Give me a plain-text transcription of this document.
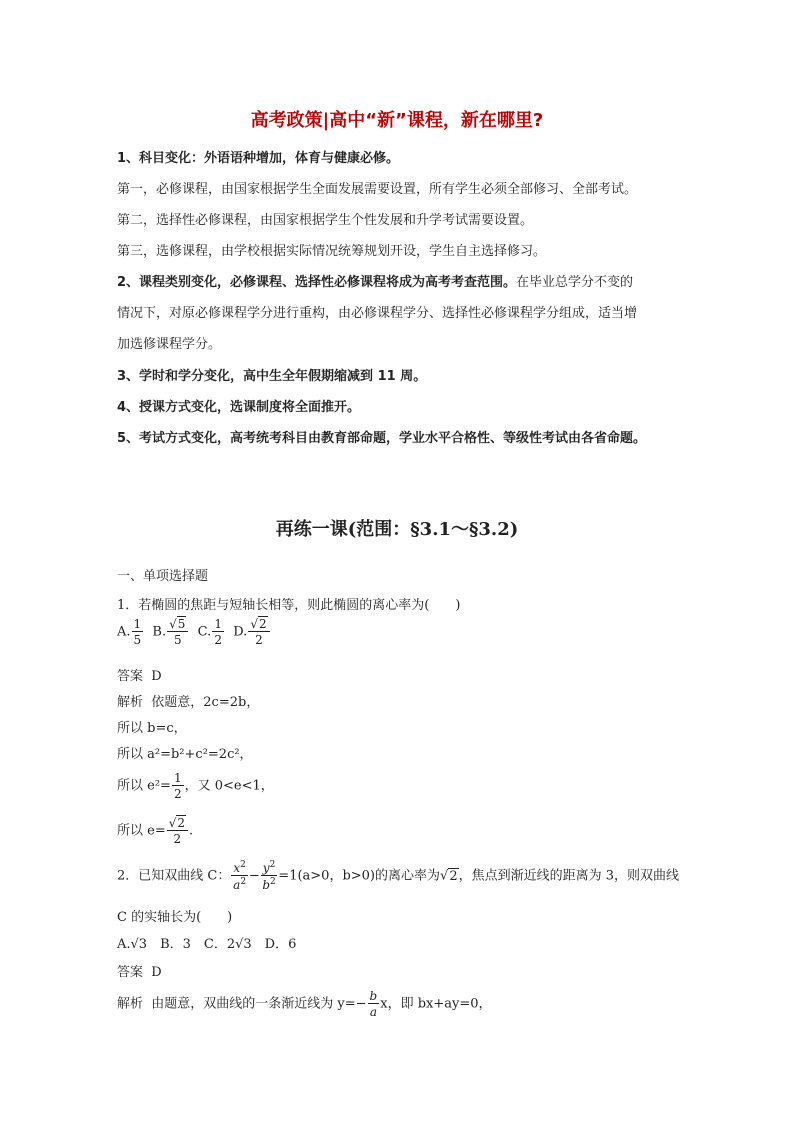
高考政策|高中“新”课程，新在哪里?
1、科目变化：外语语种增加，体育与健康必修。
第一，必修课程，由国家根据学生全面发展需要设置，所有学生必须全部修习、全部考试。
第二，选择性必修课程，由国家根据学生个性发展和升学考试需要设置。
第三，选修课程，由学校根据实际情况统筹规划开设，学生自主选择修习。
2、课程类别变化，必修课程、选择性必修课程将成为高考考查范围。在毕业总学分不变的
情况下，对原必修课程学分进行重构，由必修课程学分、选择性必修课程学分组成，适当增
加选修课程学分。
3、学时和学分变化，高中生全年假期缩减到 11 周。
4、授课方式变化，选课制度将全面推开。
5、考试方式变化，高考统考科目由教育部命题，学业水平合格性、等级性考试由各省命题。
再练一课(范围：§3.1～§3.2)
一、单项选择题
1．若椭圆的焦距与短轴长相等，则此椭圆的离心率为(　　)
A. $\frac{1}{5} B$. $\frac{√5}{5} C$. $\frac{1}{2} D$. $\frac{√2}{2}$
答案 D
解析 依题意，2c=2b，
所以 b=c，
所以 a²=b²+c²=2c²，
所以 $e^2= \frac{1}{2}$ ，又 0<e<1，
所以 $e= \frac{√2}{2}$ .
2．已知双曲线 C： $\frac{x^2}{a^2} - \frac{y^2}{b^2} =1(a>0$，b>0)的离心率为√2，焦点到渐近线的距离为 3，则双曲线
C 的实轴长为(　　)
A.√3　B．3　C．2√3　D．6
答案 D
解析 由题意，双曲线的一条渐近线为 $y=- \frac{b}{a}$ x，即 bx+ay=0，
